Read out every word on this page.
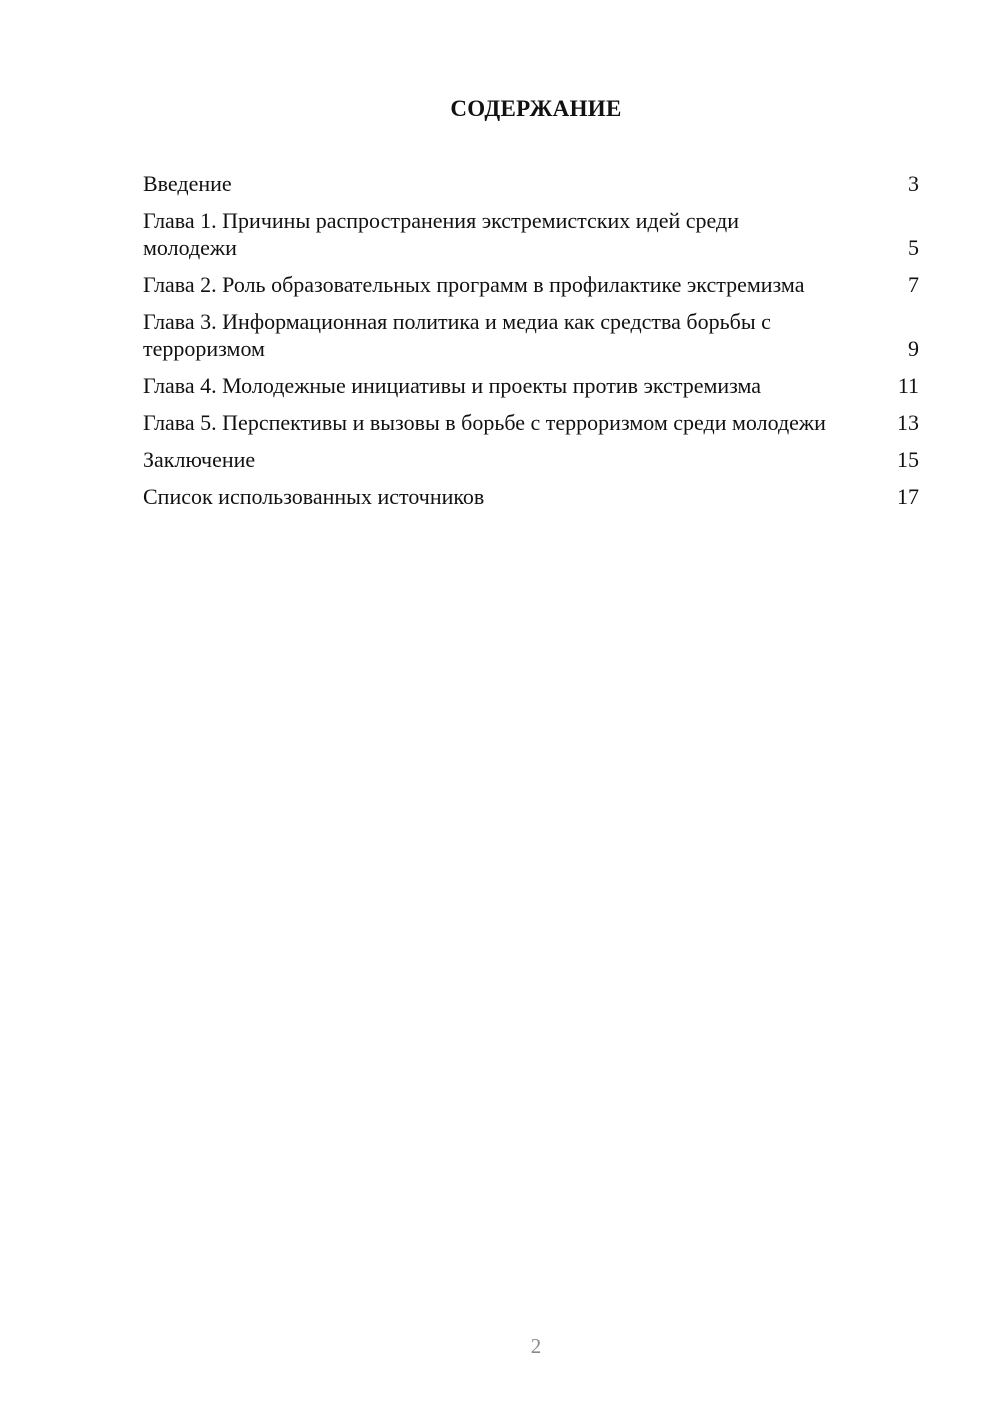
СОДЕРЖАНИЕ
Введение	3
Глава 1. Причины распространения экстремистских идей среди молодежи	5
Глава 2. Роль образовательных программ в профилактике экстремизма	7
Глава 3. Информационная политика и медиа как средства борьбы с терроризмом	9
Глава 4. Молодежные инициативы и проекты против экстремизма	11
Глава 5. Перспективы и вызовы в борьбе с терроризмом среди молодежи	13
Заключение	15
Список использованных источников	17
2
